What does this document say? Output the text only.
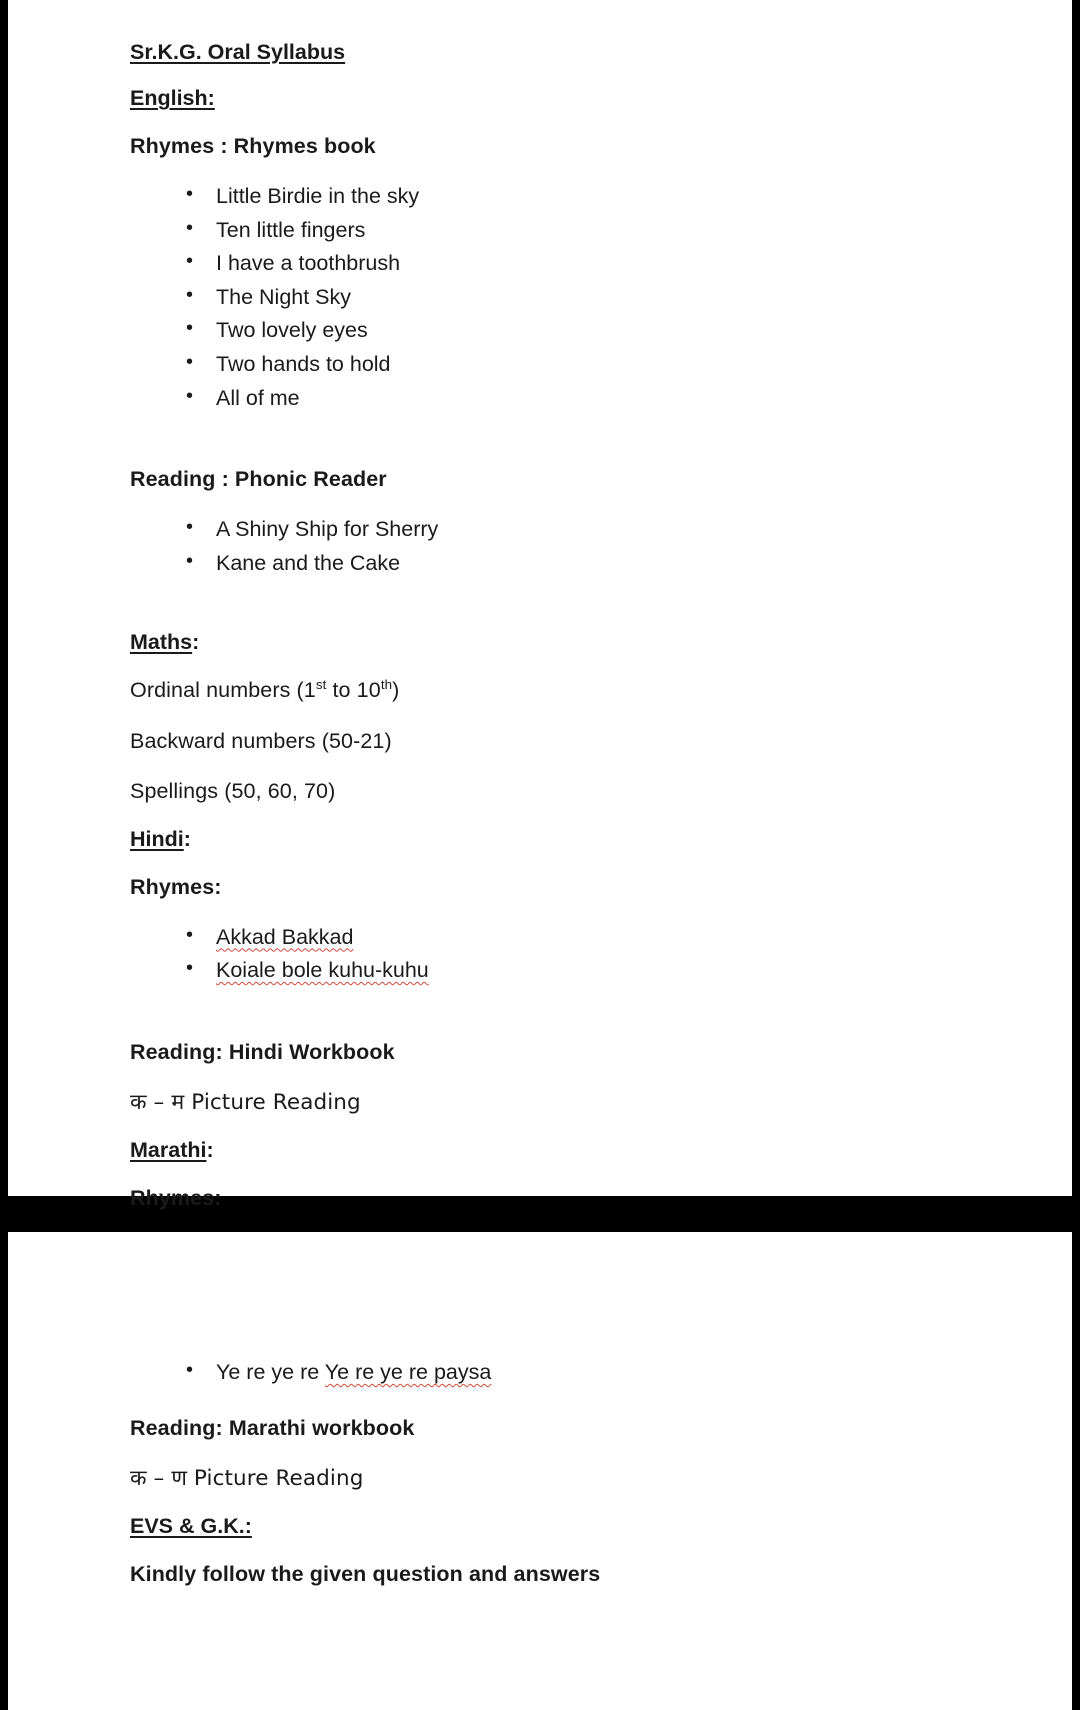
Sr.K.G. Oral Syllabus
English:
Rhymes : Rhymes book
• Little Birdie in the sky
• Ten little fingers
• I have a toothbrush
• The Night Sky
• Two lovely eyes
• Two hands to hold
• All of me
Reading : Phonic Reader
• A Shiny Ship for Sherry
• Kane and the Cake
Maths:
Ordinal numbers (1st to 10th)
Backward numbers (50-21)
Spellings (50, 60, 70)
Hindi:
Rhymes:
• Akkad Bakkad
• Koiale bole kuhu-kuhu
Reading: Hindi Workbook
क – म Picture Reading
Marathi:
Rhymes:
•
• Ye re ye re Ye re ye re paysa
Reading: Marathi workbook
क – ण Picture Reading
EVS & G.K.:
Kindly follow the given question and answers
